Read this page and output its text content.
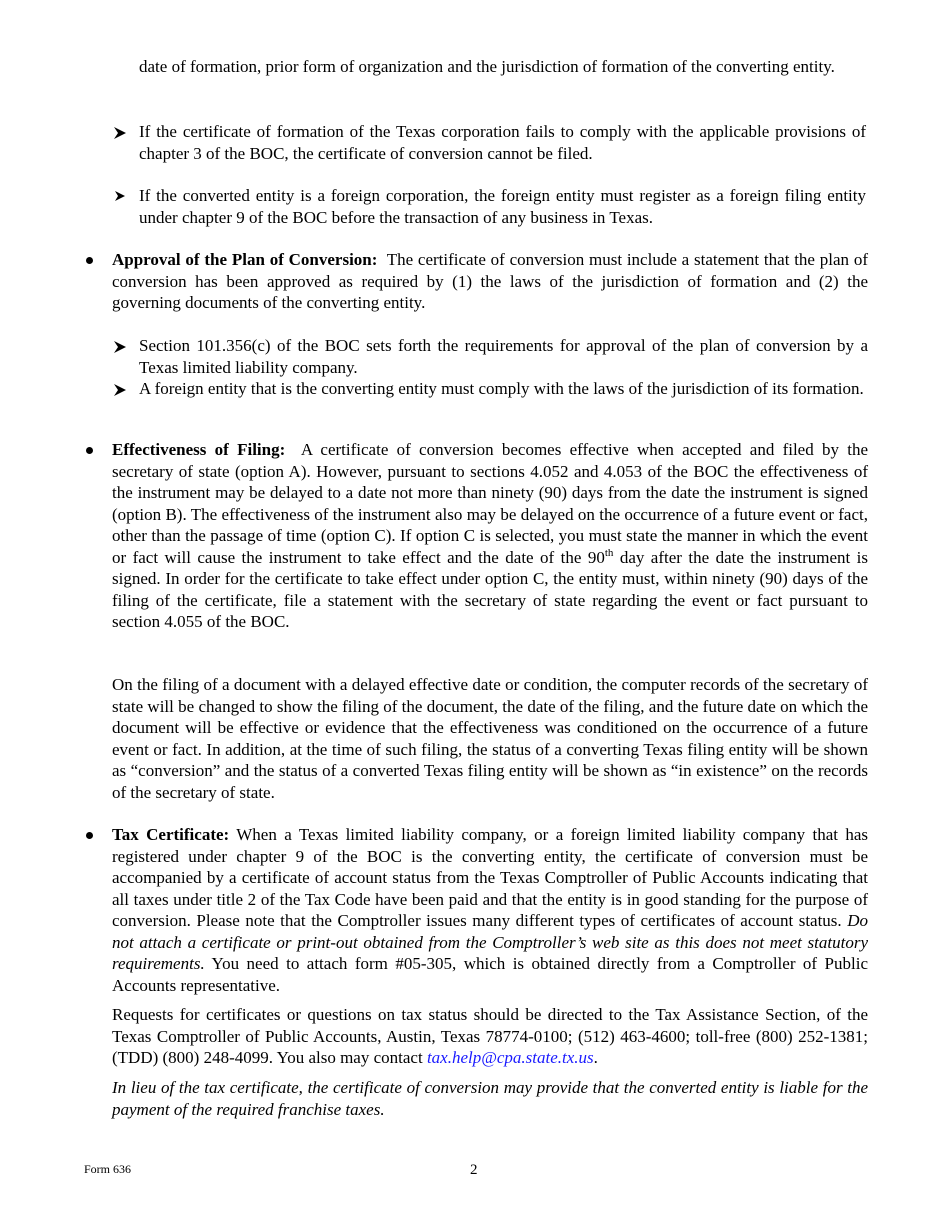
date of formation, prior form of organization and the jurisdiction of formation of the converting entity.

If the certificate of formation of the Texas corporation fails to comply with the applicable provisions of chapter 3 of the BOC, the certificate of conversion cannot be filed.

If the converted entity is a foreign corporation, the foreign entity must register as a foreign filing entity under chapter 9 of the BOC before the transaction of any business in Texas.

Approval of the Plan of Conversion: The certificate of conversion must include a statement that the plan of conversion has been approved as required by (1) the laws of the jurisdiction of formation and (2) the governing documents of the converting entity.

Section 101.356(c) of the BOC sets forth the requirements for approval of the plan of conversion by a Texas limited liability company.

A foreign entity that is the converting entity must comply with the laws of the jurisdiction of its formation.

Effectiveness of Filing: A certificate of conversion becomes effective when accepted and filed by the secretary of state (option A). However, pursuant to sections 4.052 and 4.053 of the BOC the effectiveness of the instrument may be delayed to a date not more than ninety (90) days from the date the instrument is signed (option B). The effectiveness of the instrument also may be delayed on the occurrence of a future event or fact, other than the passage of time (option C). If option C is selected, you must state the manner in which the event or fact will cause the instrument to take effect and the date of the 90th day after the date the instrument is signed. In order for the certificate to take effect under option C, the entity must, within ninety (90) days of the filing of the certificate, file a statement with the secretary of state regarding the event or fact pursuant to section 4.055 of the BOC.

On the filing of a document with a delayed effective date or condition, the computer records of the secretary of state will be changed to show the filing of the document, the date of the filing, and the future date on which the document will be effective or evidence that the effectiveness was conditioned on the occurrence of a future event or fact. In addition, at the time of such filing, the status of a converting Texas filing entity will be shown as “conversion” and the status of a converted Texas filing entity will be shown as “in existence” on the records of the secretary of state.

Tax Certificate: When a Texas limited liability company, or a foreign limited liability company that has registered under chapter 9 of the BOC is the converting entity, the certificate of conversion must be accompanied by a certificate of account status from the Texas Comptroller of Public Accounts indicating that all taxes under title 2 of the Tax Code have been paid and that the entity is in good standing for the purpose of conversion. Please note that the Comptroller issues many different types of certificates of account status. Do not attach a certificate or print-out obtained from the Comptroller’s web site as this does not meet statutory requirements. You need to attach form #05-305, which is obtained directly from a Comptroller of Public Accounts representative.

Requests for certificates or questions on tax status should be directed to the Tax Assistance Section, of the Texas Comptroller of Public Accounts, Austin, Texas 78774-0100; (512) 463-4600; toll-free (800) 252-1381; (TDD) (800) 248-4099. You also may contact tax.help@cpa.state.tx.us.

In lieu of the tax certificate, the certificate of conversion may provide that the converted entity is liable for the payment of the required franchise taxes.

Form 636	2
